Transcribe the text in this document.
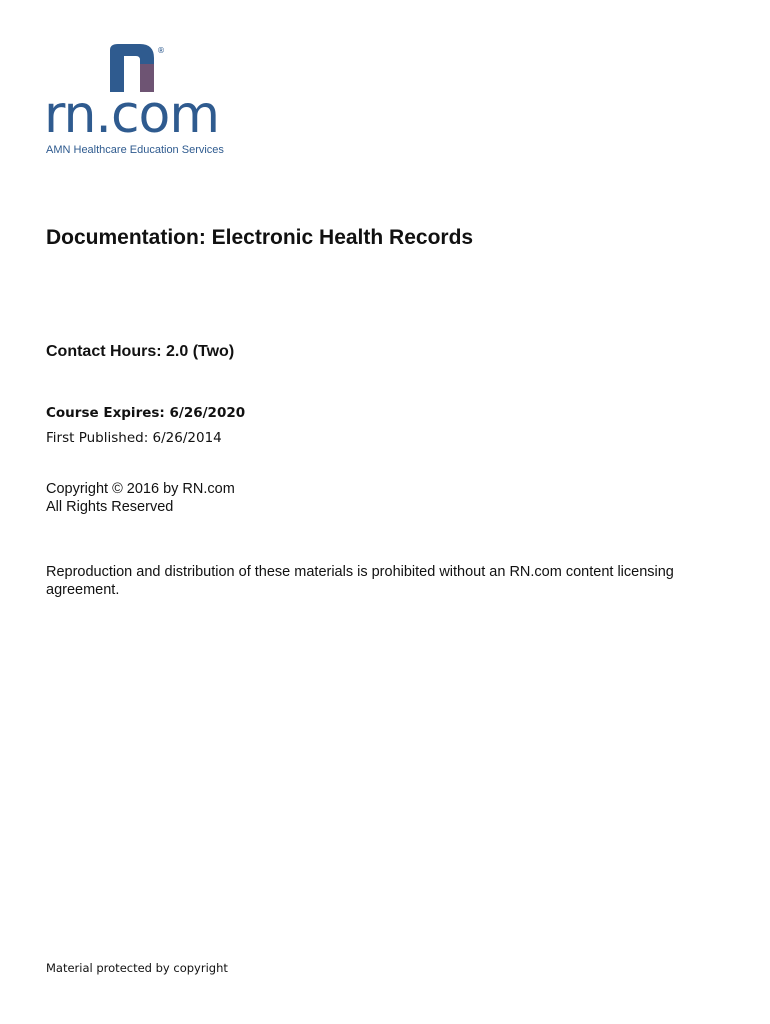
®
rn.com
AMN Healthcare Education Services
Documentation: Electronic Health Records
Contact Hours: 2.0 (Two)
Course Expires: 6/26/2020
First Published: 6/26/2014
Copyright © 2016 by RN.com
All Rights Reserved
Reproduction and distribution of these materials is prohibited without an RN.com content licensing agreement.
Material protected by copyright
